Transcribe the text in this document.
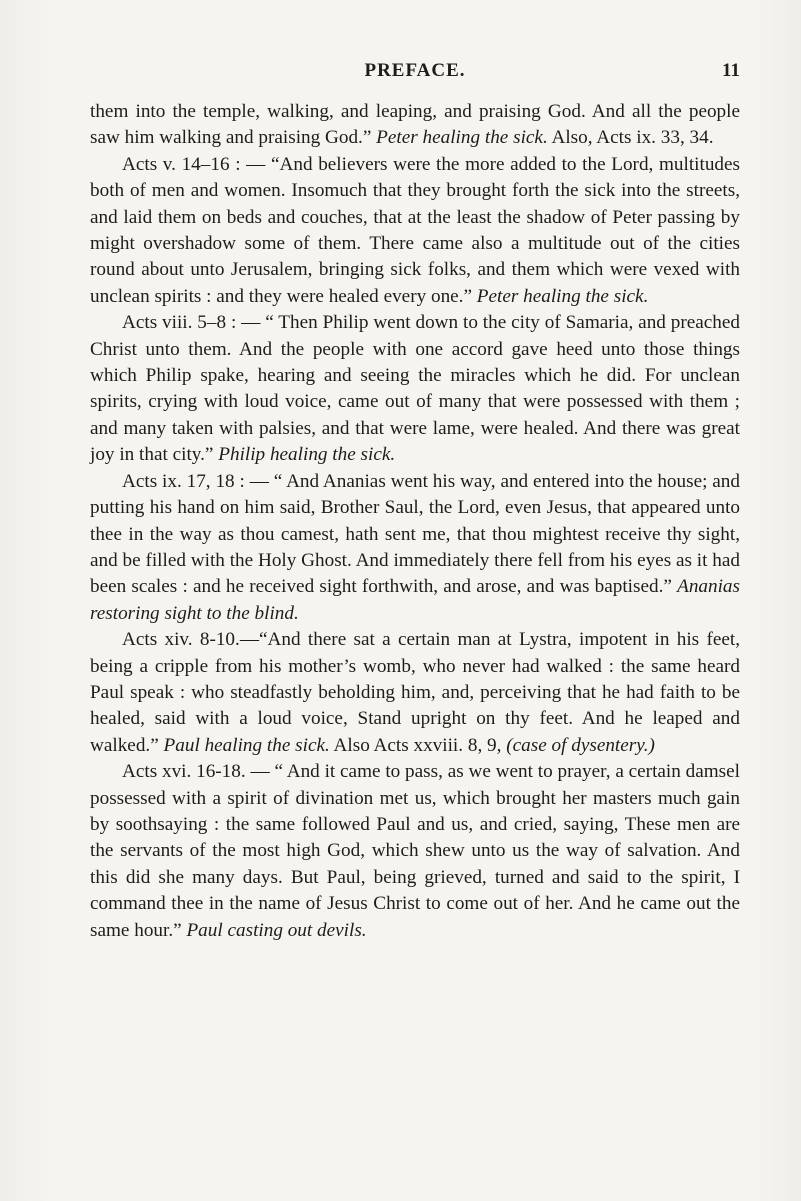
PREFACE.	11

them into the temple, walking, and leaping, and praising God. And all the people saw him walking and praising God.” Peter healing the sick. Also, Acts ix. 33, 34.

Acts v. 14–16 : — “And believers were the more added to the Lord, multitudes both of men and women. Insomuch that they brought forth the sick into the streets, and laid them on beds and couches, that at the least the shadow of Peter passing by might overshadow some of them. There came also a multitude out of the cities round about unto Jerusalem, bringing sick folks, and them which were vexed with unclean spirits : and they were healed every one.” Peter healing the sick.

Acts viii. 5–8 : — “ Then Philip went down to the city of Samaria, and preached Christ unto them. And the people with one accord gave heed unto those things which Philip spake, hearing and seeing the miracles which he did. For unclean spirits, crying with loud voice, came out of many that were possessed with them ; and many taken with palsies, and that were lame, were healed. And there was great joy in that city.” Philip healing the sick.

Acts ix. 17, 18 : — “ And Ananias went his way, and entered into the house; and putting his hand on him said, Brother Saul, the Lord, even Jesus, that appeared unto thee in the way as thou camest, hath sent me, that thou mightest receive thy sight, and be filled with the Holy Ghost. And immediately there fell from his eyes as it had been scales : and he received sight forthwith, and arose, and was baptised.” Ananias restoring sight to the blind.

Acts xiv. 8-10.—“And there sat a certain man at Lystra, impotent in his feet, being a cripple from his mother’s womb, who never had walked : the same heard Paul speak : who steadfastly beholding him, and, perceiving that he had faith to be healed, said with a loud voice, Stand upright on thy feet. And he leaped and walked.” Paul healing the sick. Also Acts xxviii. 8, 9, (case of dysentery.)

Acts xvi. 16-18. — “ And it came to pass, as we went to prayer, a certain damsel possessed with a spirit of divination met us, which brought her masters much gain by soothsaying : the same followed Paul and us, and cried, saying, These men are the servants of the most high God, which shew unto us the way of salvation. And this did she many days. But Paul, being grieved, turned and said to the spirit, I command thee in the name of Jesus Christ to come out of her. And he came out the same hour.” Paul casting out devils.
